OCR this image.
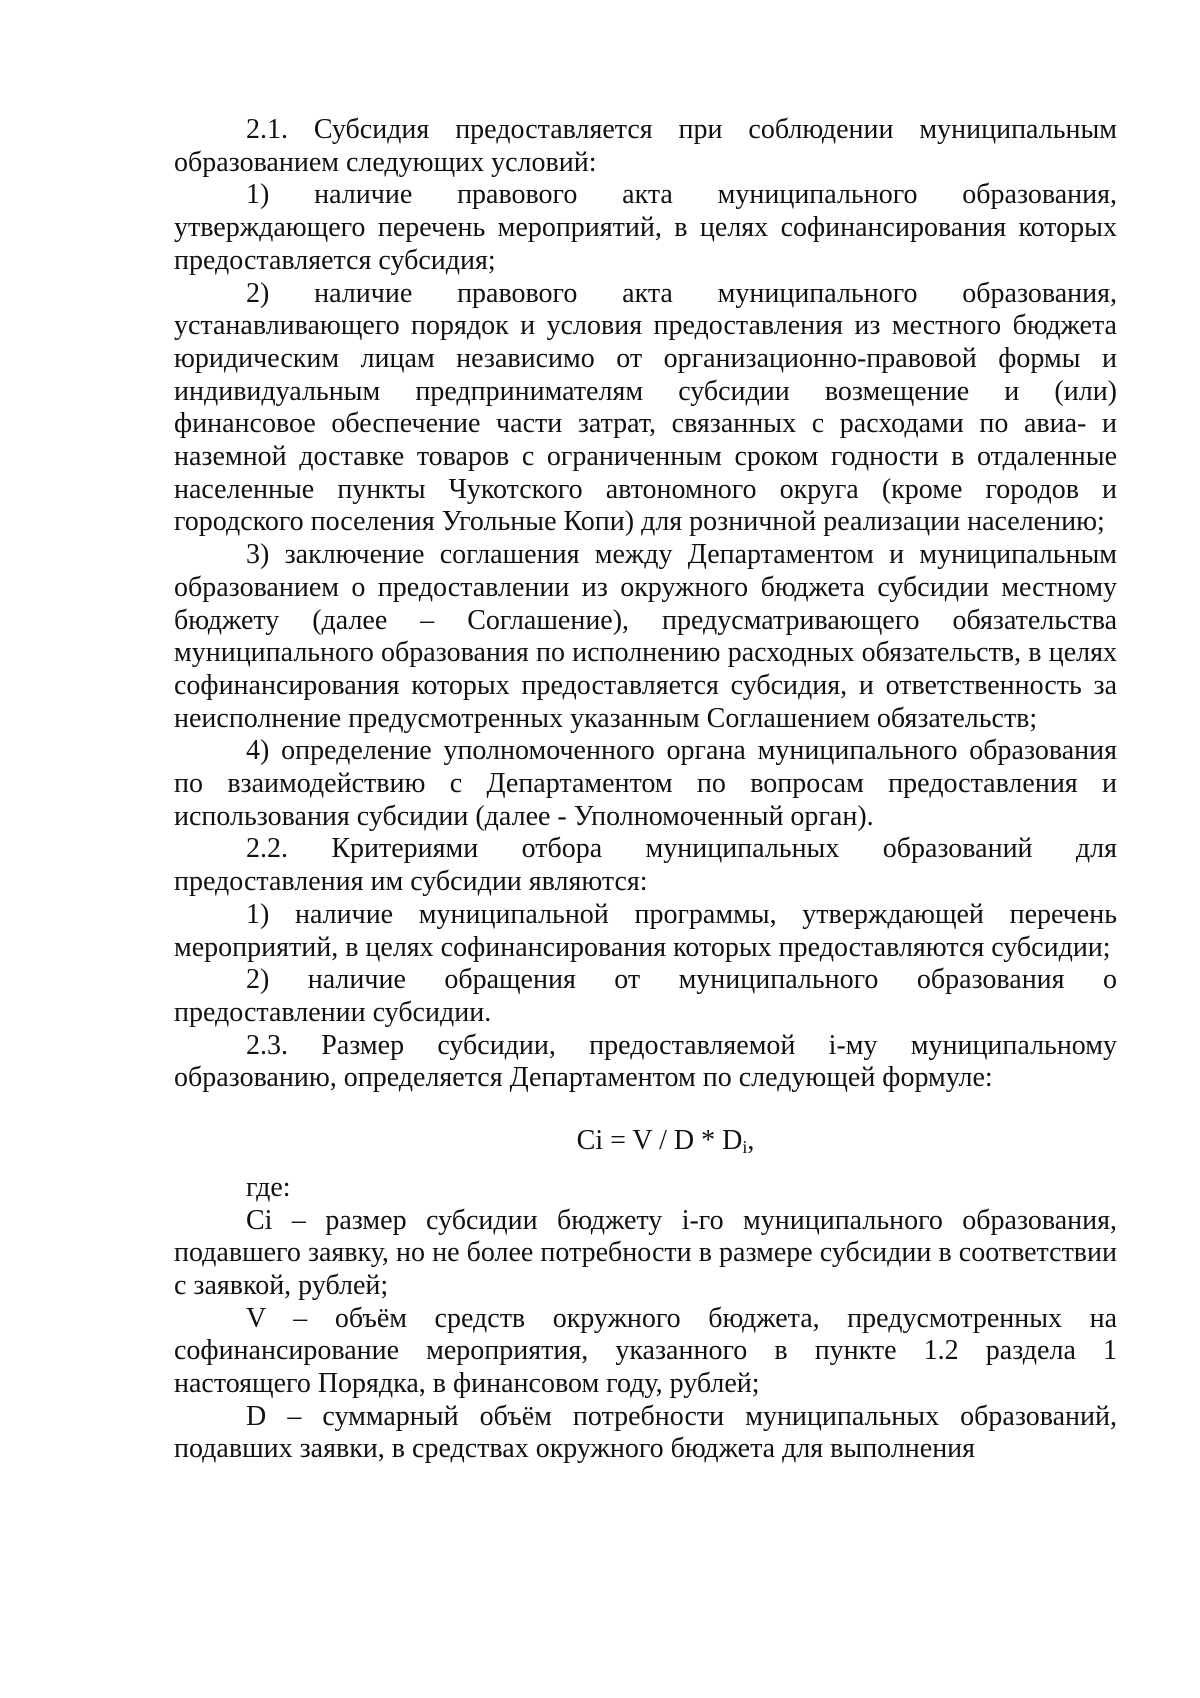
2.1. Субсидия предоставляется при соблюдении муниципальным образованием следующих условий:

1) наличие правового акта муниципального образования, утверждающего перечень мероприятий, в целях софинансирования которых предоставляется субсидия;

2) наличие правового акта муниципального образования, устанавливающего порядок и условия предоставления из местного бюджета юридическим лицам независимо от организационно-правовой формы и индивидуальным предпринимателям субсидии возмещение и (или) финансовое обеспечение части затрат, связанных с расходами по авиа- и наземной доставке товаров с ограниченным сроком годности в отдаленные населенные пункты Чукотского автономного округа (кроме городов и городского поселения Угольные Копи) для розничной реализации населению;

3) заключение соглашения между Департаментом и муниципальным образованием о предоставлении из окружного бюджета субсидии местному бюджету (далее – Соглашение), предусматривающего обязательства муниципального образования по исполнению расходных обязательств, в целях софинансирования которых предоставляется субсидия, и ответственность за неисполнение предусмотренных указанным Соглашением обязательств;

4) определение уполномоченного органа муниципального образования по взаимодействию с Департаментом по вопросам предоставления и использования субсидии (далее - Уполномоченный орган).

2.2. Критериями отбора муниципальных образований для предоставления им субсидии являются:

1) наличие муниципальной программы, утверждающей перечень мероприятий, в целях софинансирования которых предоставляются субсидии;

2) наличие обращения от муниципального образования о предоставлении субсидии.

2.3. Размер субсидии, предоставляемой i-му муниципальному образованию, определяется Департаментом по следующей формуле:

$Ci = V / D * D_i$,

где:

Ci – размер субсидии бюджету i-го муниципального образования, подавшего заявку, но не более потребности в размере субсидии в соответствии с заявкой, рублей;

V – объём средств окружного бюджета, предусмотренных на софинансирование мероприятия, указанного в пункте 1.2 раздела 1 настоящего Порядка, в финансовом году, рублей;

D – суммарный объём потребности муниципальных образований, подавших заявки, в средствах окружного бюджета для выполнения
